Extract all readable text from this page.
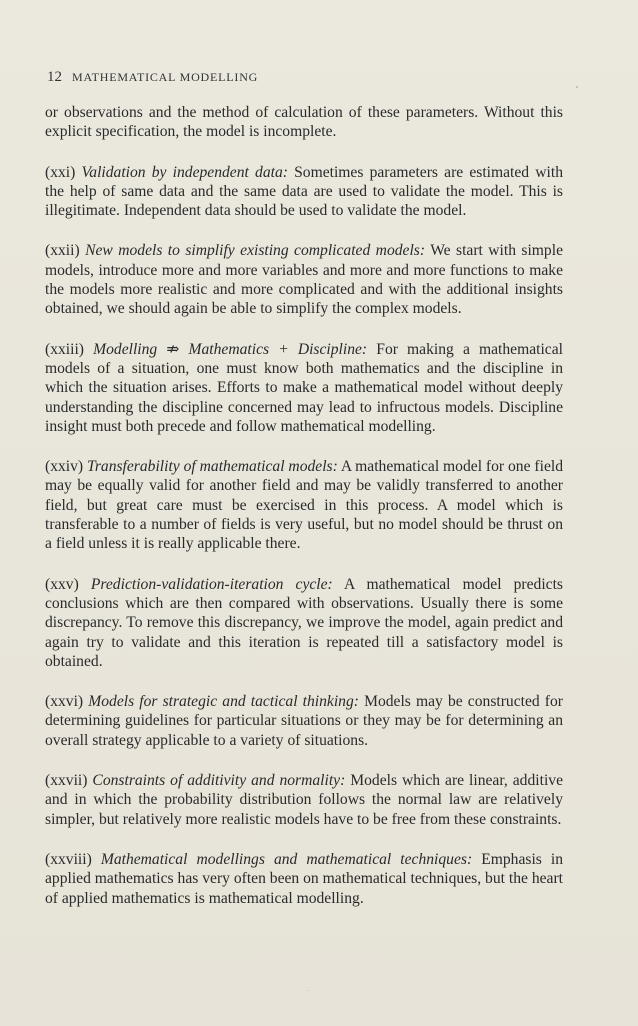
12 MATHEMATICAL MODELLING

or observations and the method of calculation of these parameters. Without this explicit specification, the model is incomplete.

(xxi) Validation by independent data: Sometimes parameters are estimated with the help of same data and the same data are used to validate the model. This is illegitimate. Independent data should be used to validate the model.

(xxii) New models to simplify existing complicated models: We start with simple models, introduce more and more variables and more and more functions to make the models more realistic and more complicated and with the additional insights obtained, we should again be able to simplify the complex models.

(xxiii) Modelling ⇏ Mathematics + Discipline: For making a mathematical models of a situation, one must know both mathematics and the discipline in which the situation arises. Efforts to make a mathematical model without deeply understanding the discipline concerned may lead to infructous models. Discipline insight must both precede and follow mathematical modelling.

(xxiv) Transferability of mathematical models: A mathematical model for one field may be equally valid for another field and may be validly transferred to another field, but great care must be exercised in this process. A model which is transferable to a number of fields is very useful, but no model should be thrust on a field unless it is really applicable there.

(xxv) Prediction-validation-iteration cycle: A mathematical model predicts conclusions which are then compared with observations. Usually there is some discrepancy. To remove this discrepancy, we improve the model, again predict and again try to validate and this iteration is repeated till a satisfactory model is obtained.

(xxvi) Models for strategic and tactical thinking: Models may be constructed for determining guidelines for particular situations or they may be for determining an overall strategy applicable to a variety of situations.

(xxvii) Constraints of additivity and normality: Models which are linear, additive and in which the probability distribution follows the normal law are relatively simpler, but relatively more realistic models have to be free from these constraints.

(xxviii) Mathematical modellings and mathematical techniques: Emphasis in applied mathematics has very often been on mathematical techniques, but the heart of applied mathematics is mathematical modelling.
